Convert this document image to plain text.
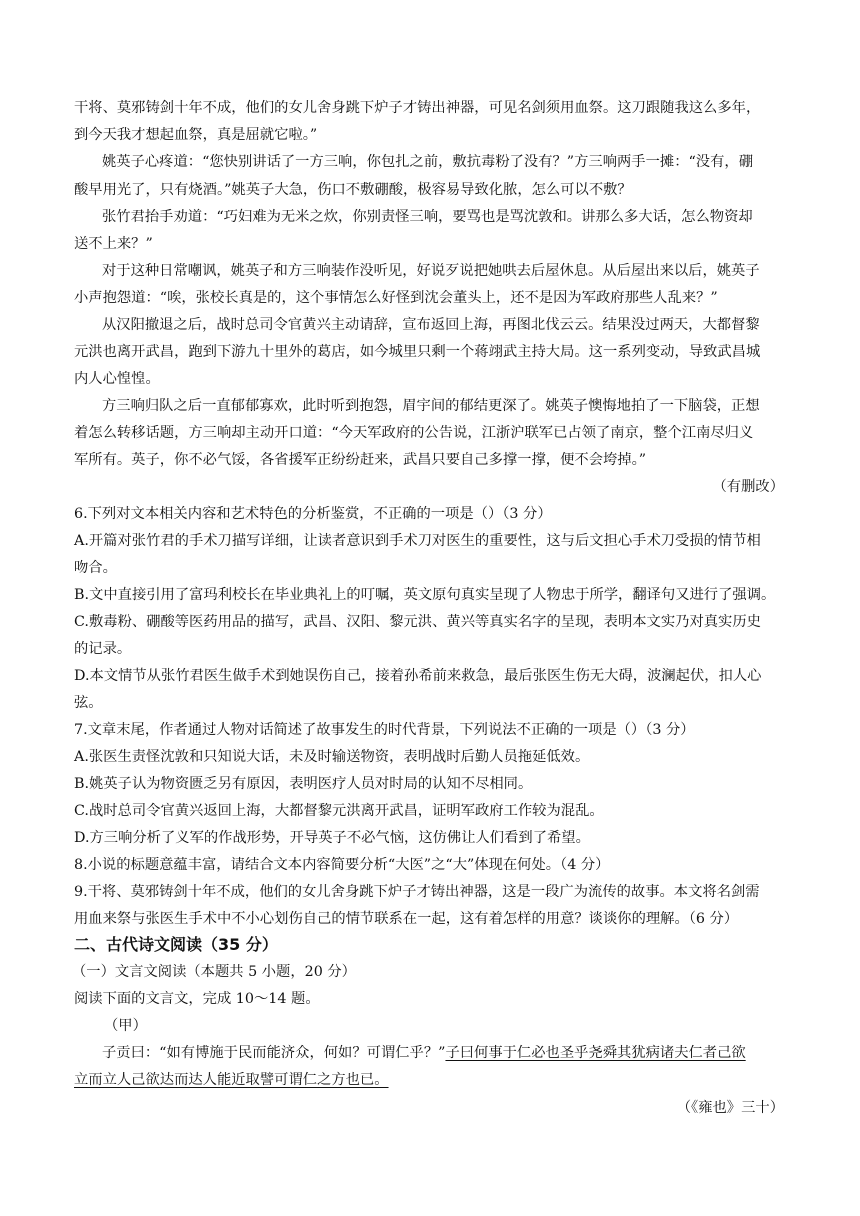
干将、莫邪铸剑十年不成，他们的女儿舍身跳下炉子才铸出神器，可见名剑须用血祭。这刀跟随我这么多年，
到今天我才想起血祭，真是屈就它啦。”
姚英子心疼道：“您快别讲话了一方三响，你包扎之前，敷抗毒粉了没有？”方三响两手一摊：“没有，硼
酸早用光了，只有烧酒。”姚英子大急，伤口不敷硼酸，极容易导致化脓，怎么可以不敷？
张竹君抬手劝道：“巧妇难为无米之炊，你别责怪三响，要骂也是骂沈敦和。讲那么多大话，怎么物资却
送不上来？”
对于这种日常嘲讽，姚英子和方三响装作没听见，好说歹说把她哄去后屋休息。从后屋出来以后，姚英子
小声抱怨道：“唉，张校长真是的，这个事情怎么好怪到沈会董头上，还不是因为军政府那些人乱来？”
从汉阳撤退之后，战时总司令官黄兴主动请辞，宣布返回上海，再图北伐云云。结果没过两天，大都督黎
元洪也离开武昌，跑到下游九十里外的葛店，如今城里只剩一个蒋翊武主持大局。这一系列变动，导致武昌城
内人心惶惶。
方三响归队之后一直郁郁寡欢，此时听到抱怨，眉宇间的郁结更深了。姚英子懊悔地拍了一下脑袋，正想
着怎么转移话题，方三响却主动开口道：“今天军政府的公告说，江浙沪联军已占领了南京，整个江南尽归义
军所有。英子，你不必气馁，各省援军正纷纷赶来，武昌只要自己多撑一撑，便不会垮掉。”
（有删改）
6.下列对文本相关内容和艺术特色的分析鉴赏，不正确的一项是（）（3 分）
A.开篇对张竹君的手术刀描写详细，让读者意识到手术刀对医生的重要性，这与后文担心手术刀受损的情节相
吻合。
B.文中直接引用了富玛利校长在毕业典礼上的叮嘱，英文原句真实呈现了人物忠于所学，翻译句又进行了强调。
C.敷毒粉、硼酸等医药用品的描写，武昌、汉阳、黎元洪、黄兴等真实名字的呈现，表明本文实乃对真实历史
的记录。
D.本文情节从张竹君医生做手术到她误伤自己，接着孙希前来救急，最后张医生伤无大碍，波澜起伏，扣人心
弦。
7.文章末尾，作者通过人物对话简述了故事发生的时代背景，下列说法不正确的一项是（）（3 分）
A.张医生责怪沈敦和只知说大话，未及时输送物资，表明战时后勤人员拖延低效。
B.姚英子认为物资匮乏另有原因，表明医疗人员对时局的认知不尽相同。
C.战时总司令官黄兴返回上海，大都督黎元洪离开武昌，证明军政府工作较为混乱。
D.方三响分析了义军的作战形势，开导英子不必气恼，这仿佛让人们看到了希望。
8.小说的标题意蕴丰富，请结合文本内容简要分析“大医”之“大”体现在何处。（4 分）
9.干将、莫邪铸剑十年不成，他们的女儿舍身跳下炉子才铸出神器，这是一段广为流传的故事。本文将名剑需
用血来祭与张医生手术中不小心划伤自己的情节联系在一起，这有着怎样的用意？谈谈你的理解。（6 分）
二、古代诗文阅读（35 分）
（一）文言文阅读（本题共 5 小题，20 分）
阅读下面的文言文，完成 10～14 题。
（甲）
子贡曰：“如有博施于民而能济众，何如？可谓仁乎？”子曰何事于仁必也圣乎尧舜其犹病诸夫仁者己欲
立而立人己欲达而达人能近取譬可谓仁之方也已。
（《雍也》三十）
